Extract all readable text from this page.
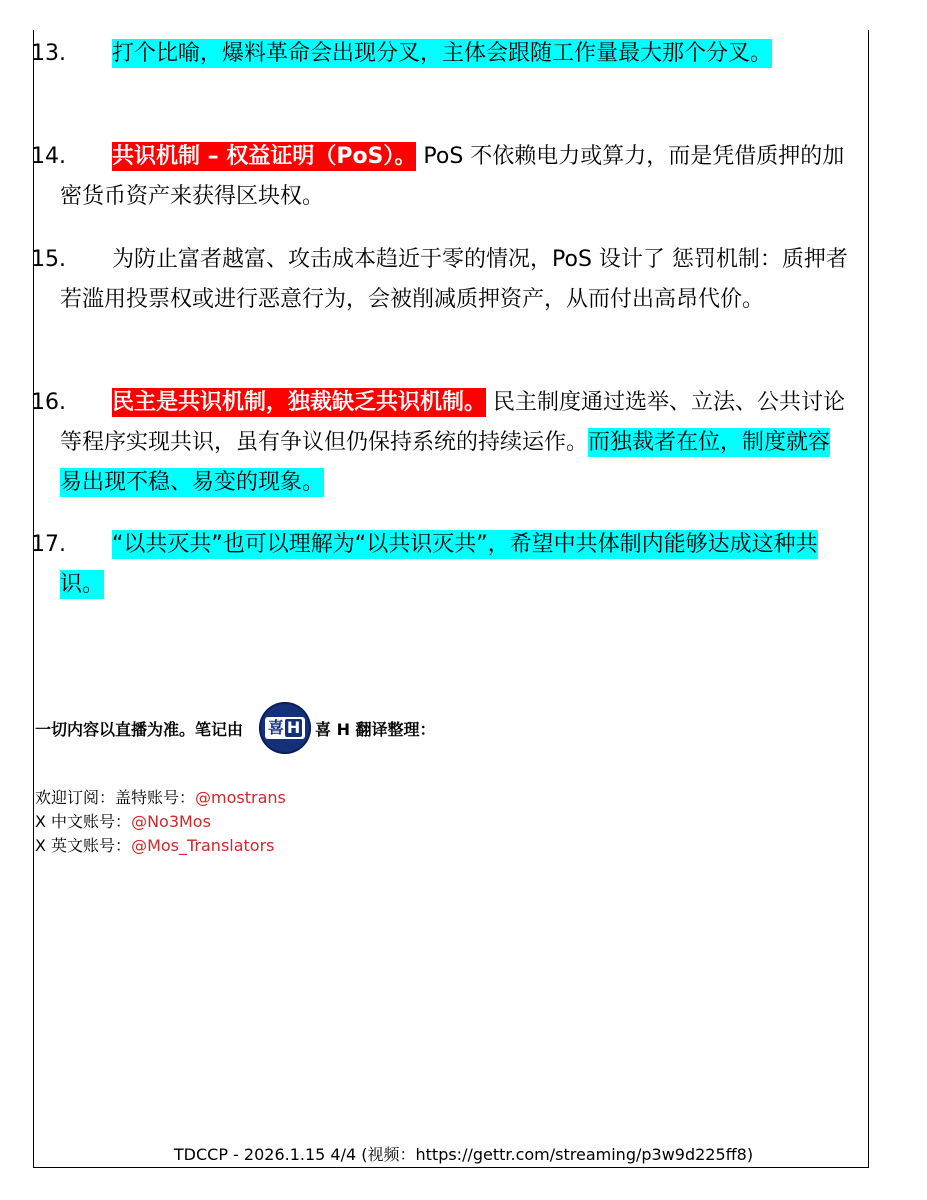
13.	打个比喻，爆料革命会出现分叉，主体会跟随工作量最大那个分叉。
14.	共识机制 – 权益证明（PoS）。 PoS 不依赖电力或算力，而是凭借质押的加密货币资产来获得区块权。
15.	为防止富者越富、攻击成本趋近于零的情况，PoS 设计了 惩罚机制：质押者若滥用投票权或进行恶意行为，会被削减质押资产，从而付出高昂代价。
16.	民主是共识机制，独裁缺乏共识机制。 民主制度通过选举、立法、公共讨论等程序实现共识，虽有争议但仍保持系统的持续运作。而独裁者在位，制度就容易出现不稳、易变的现象。
17.	“以共灭共”也可以理解为“以共识灭共”，希望中共体制内能够达成这种共识。
一切内容以直播为准。笔记由 喜 H 喜 H 翻译整理：
欢迎订阅：盖特账号：@mostrans
X 中文账号：@No3Mos
X 英文账号：@Mos_Translators
TDCCP - 2026.1.15 4/4 (视频：https://gettr.com/streaming/p3w9d225ff8)
